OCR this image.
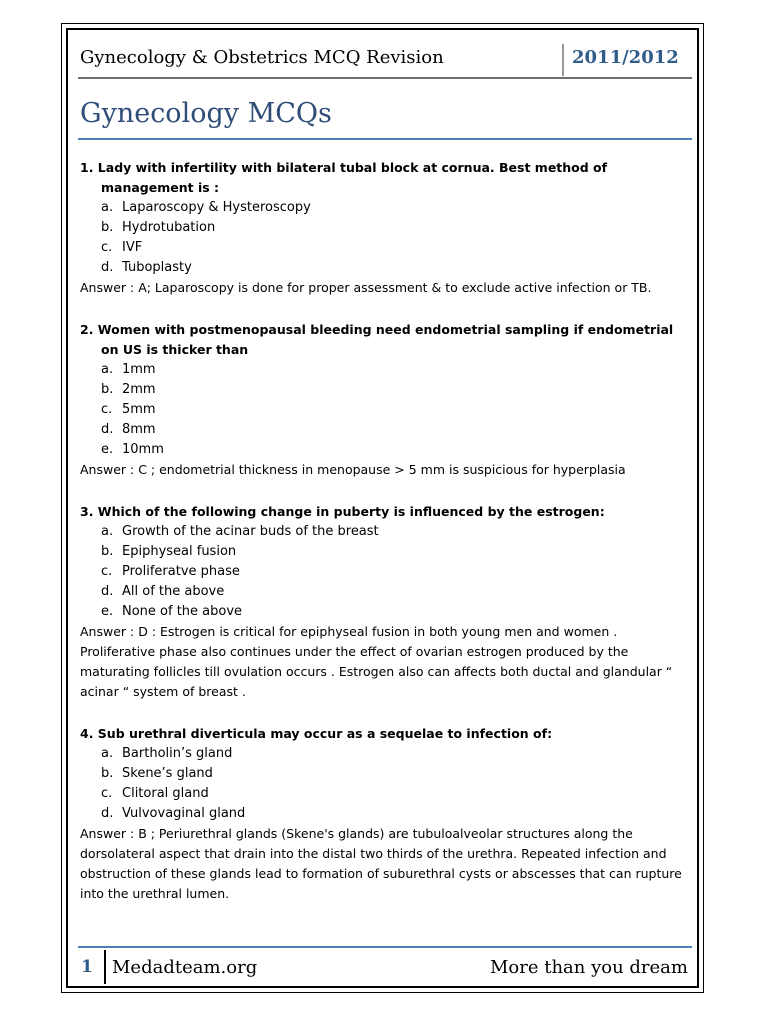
Gynecology & Obstetrics MCQ Revision	2011/2012
Gynecology MCQs
1. Lady with infertility with bilateral tubal block at cornua. Best method of management is :
a. Laparoscopy & Hysteroscopy
b. Hydrotubation
c. IVF
d. Tuboplasty

Answer : A; Laparoscopy is done for proper assessment & to exclude active infection or TB.

2. Women with postmenopausal bleeding need endometrial sampling if endometrial on US is thicker than
a. 1mm
b. 2mm
c. 5mm
d. 8mm
e. 10mm

Answer : C ; endometrial thickness in menopause > 5 mm is suspicious for hyperplasia

3. Which of the following change in puberty is influenced by the estrogen:
a. Growth of the acinar buds of the breast
b. Epiphyseal fusion
c. Proliferatve phase
d. All of the above
e. None of the above

Answer : D : Estrogen is critical for epiphyseal fusion in both young men and women . Proliferative phase also continues under the effect of ovarian estrogen produced by the maturating follicles till ovulation occurs . Estrogen also can affects both ductal and glandular “ acinar “ system of breast .

4. Sub urethral diverticula may occur as a sequelae to infection of:
a. Bartholin’s gland
b. Skene’s gland
c. Clitoral gland
d. Vulvovaginal gland

Answer : B ; Periurethral glands (Skene's glands) are tubuloalveolar structures along the dorsolateral aspect that drain into the distal two thirds of the urethra. Repeated infection and obstruction of these glands lead to formation of suburethral cysts or abscesses that can rupture into the urethral lumen.

1 Medadteam.org	More than you dream
